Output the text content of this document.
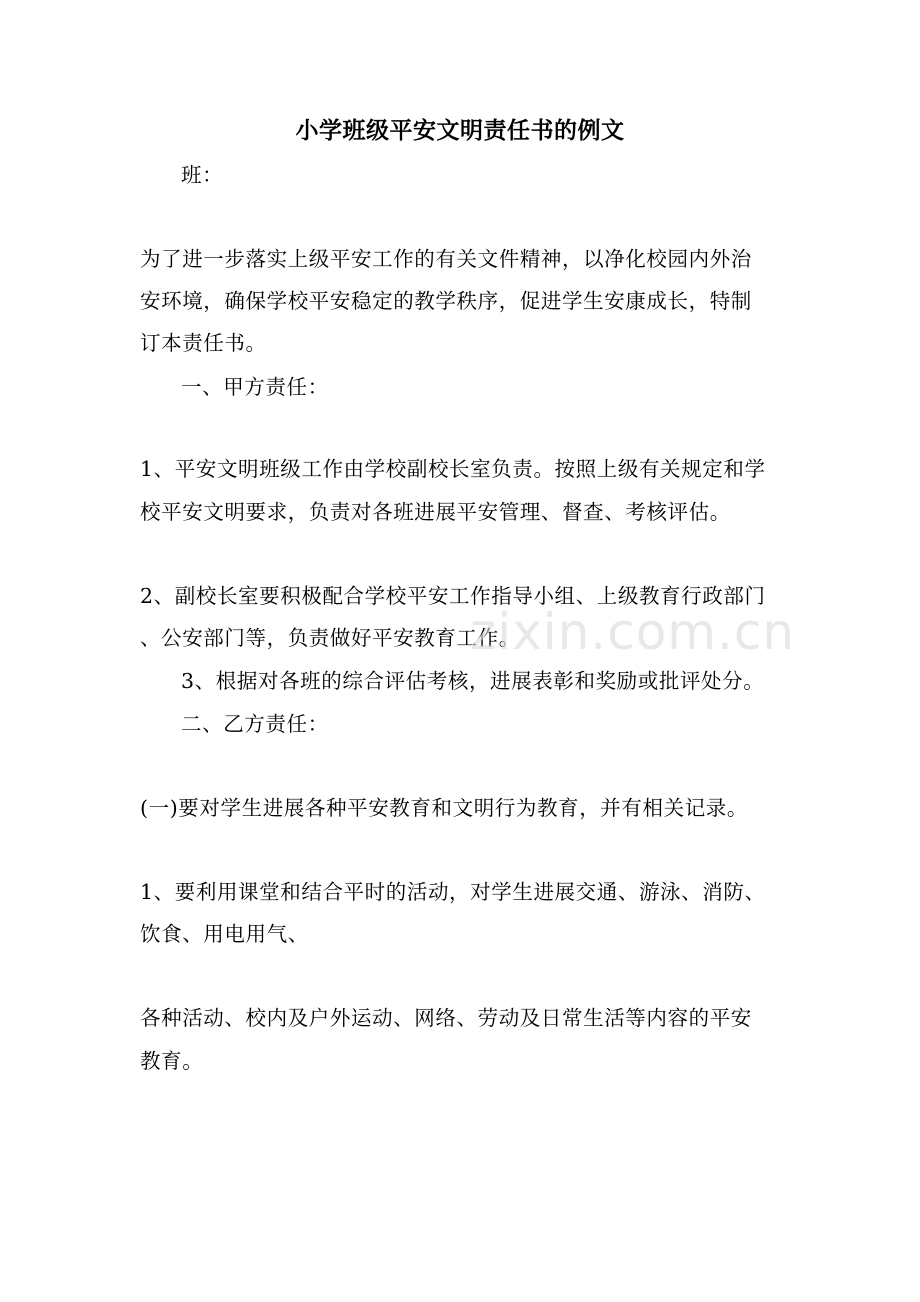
小学班级平安文明责任书的例文
班：
为了进一步落实上级平安工作的有关文件精神，以净化校园内外治
安环境，确保学校平安稳定的教学秩序，促进学生安康成长，特制
订本责任书。
一、甲方责任：
1、平安文明班级工作由学校副校长室负责。按照上级有关规定和学
校平安文明要求，负责对各班进展平安管理、督查、考核评估。
2、副校长室要积极配合学校平安工作指导小组、上级教育行政部门
、公安部门等，负责做好平安教育工作。
3、根据对各班的综合评估考核，进展表彰和奖励或批评处分。
二、乙方责任：
(一)要对学生进展各种平安教育和文明行为教育，并有相关记录。
1、要利用课堂和结合平时的活动，对学生进展交通、游泳、消防、
饮食、用电用气、
各种活动、校内及户外运动、网络、劳动及日常生活等内容的平安
教育。
zixin.com.cn
